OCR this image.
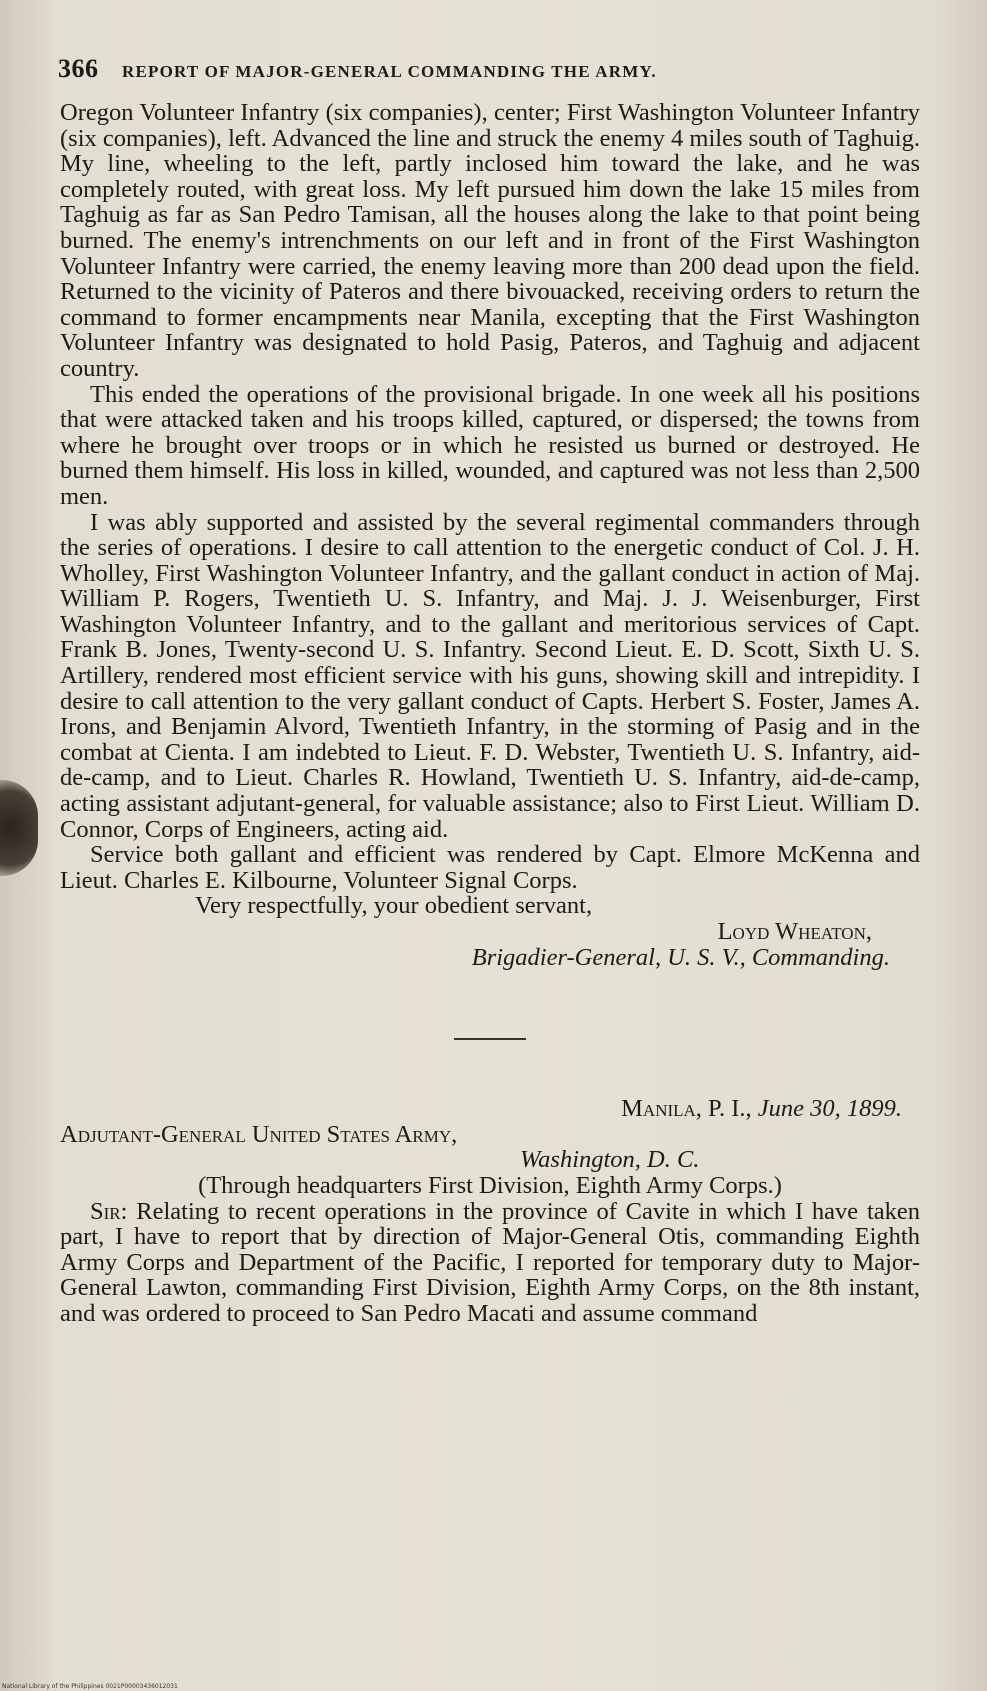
366 REPORT OF MAJOR-GENERAL COMMANDING THE ARMY.

Oregon Volunteer Infantry (six companies), center; First Washington Volunteer Infantry (six companies), left. Advanced the line and struck the enemy 4 miles south of Taghuig. My line, wheeling to the left, partly inclosed him toward the lake, and he was completely routed, with great loss. My left pursued him down the lake 15 miles from Taghuig as far as San Pedro Tamisan, all the houses along the lake to that point being burned. The enemy's intrenchments on our left and in front of the First Washington Volunteer Infantry were carried, the enemy leaving more than 200 dead upon the field. Returned to the vicinity of Pateros and there bivouacked, receiving orders to return the command to former encampments near Manila, excepting that the First Washington Volunteer Infantry was designated to hold Pasig, Pateros, and Taghuig and adjacent country.

This ended the operations of the provisional brigade. In one week all his positions that were attacked taken and his troops killed, captured, or dispersed; the towns from where he brought over troops or in which he resisted us burned or destroyed. He burned them himself. His loss in killed, wounded, and captured was not less than 2,500 men.

I was ably supported and assisted by the several regimental commanders through the series of operations. I desire to call attention to the energetic conduct of Col. J. H. Wholley, First Washington Volunteer Infantry, and the gallant conduct in action of Maj. William P. Rogers, Twentieth U. S. Infantry, and Maj. J. J. Weisenburger, First Washington Volunteer Infantry, and to the gallant and meritorious services of Capt. Frank B. Jones, Twenty-second U. S. Infantry. Second Lieut. E. D. Scott, Sixth U. S. Artillery, rendered most efficient service with his guns, showing skill and intrepidity. I desire to call attention to the very gallant conduct of Capts. Herbert S. Foster, James A. Irons, and Benjamin Alvord, Twentieth Infantry, in the storming of Pasig and in the combat at Cienta. I am indebted to Lieut. F. D. Webster, Twentieth U. S. Infantry, aid-de-camp, and to Lieut. Charles R. Howland, Twentieth U. S. Infantry, aid-de-camp, acting assistant adjutant-general, for valuable assistance; also to First Lieut. William D. Connor, Corps of Engineers, acting aid.

Service both gallant and efficient was rendered by Capt. Elmore McKenna and Lieut. Charles E. Kilbourne, Volunteer Signal Corps.

Very respectfully, your obedient servant,

Loyd Wheaton,

Brigadier-General, U. S. V., Commanding.

Manila, P. I., June 30, 1899.

Adjutant-General United States Army,

Washington, D. C.

(Through headquarters First Division, Eighth Army Corps.)

Sir: Relating to recent operations in the province of Cavite in which I have taken part, I have to report that by direction of Major-General Otis, commanding Eighth Army Corps and Department of the Pacific, I reported for temporary duty to Major-General Lawton, commanding First Division, Eighth Army Corps, on the 8th instant, and was ordered to proceed to San Pedro Macati and assume command

National Library of the Philippines 0021P00003436012031
